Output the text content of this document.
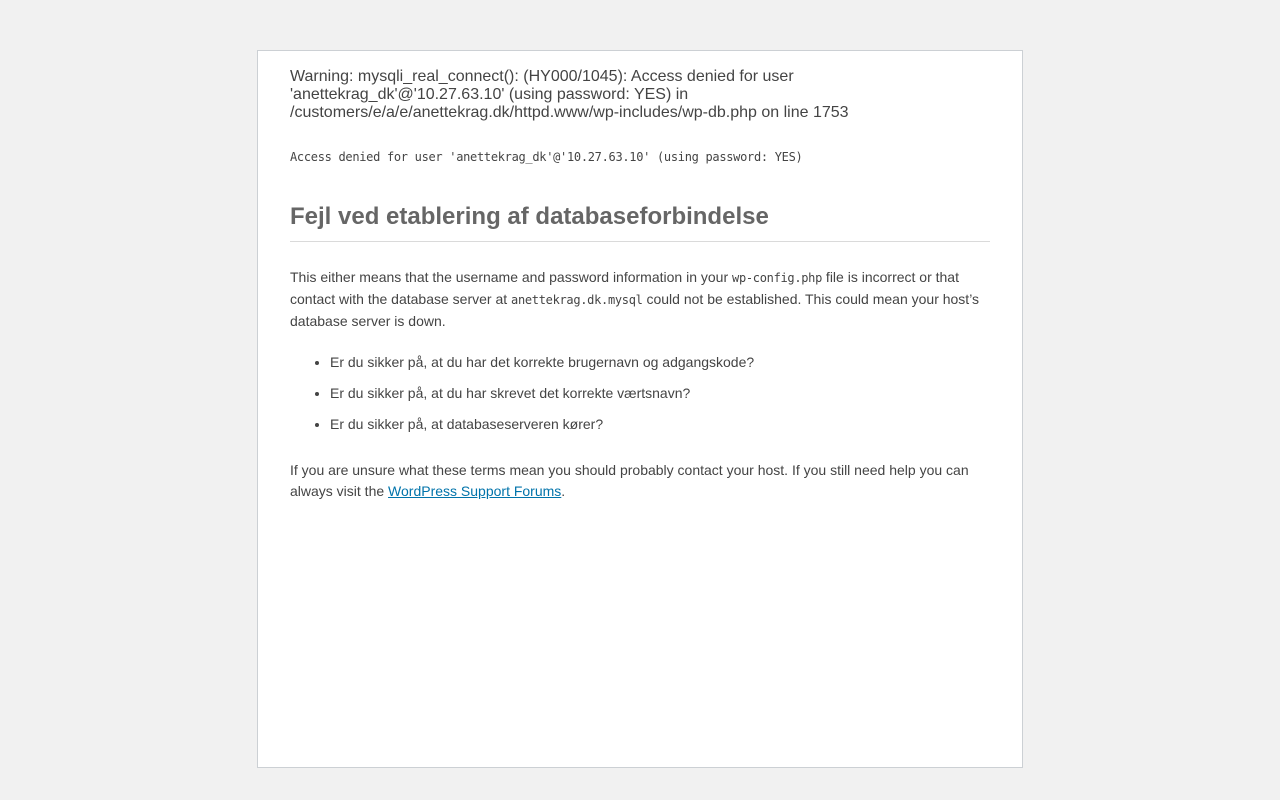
Warning: mysqli_real_connect(): (HY000/1045): Access denied for user
'anettekrag_dk'@'10.27.63.10' (using password: YES) in
/customers/e/a/e/anettekrag.dk/httpd.www/wp-includes/wp-db.php on line 1753
Access denied for user 'anettekrag_dk'@'10.27.63.10' (using password: YES)
Fejl ved etablering af databaseforbindelse

This either means that the username and password information in your wp-config.php file is incorrect or that contact with the database server at anettekrag.dk.mysql could not be established. This could mean your host’s database server is down.

• Er du sikker på, at du har det korrekte brugernavn og adgangskode?
• Er du sikker på, at du har skrevet det korrekte værtsnavn?
• Er du sikker på, at databaseserveren kører?

If you are unsure what these terms mean you should probably contact your host. If you still need help you can always visit the WordPress Support Forums.
